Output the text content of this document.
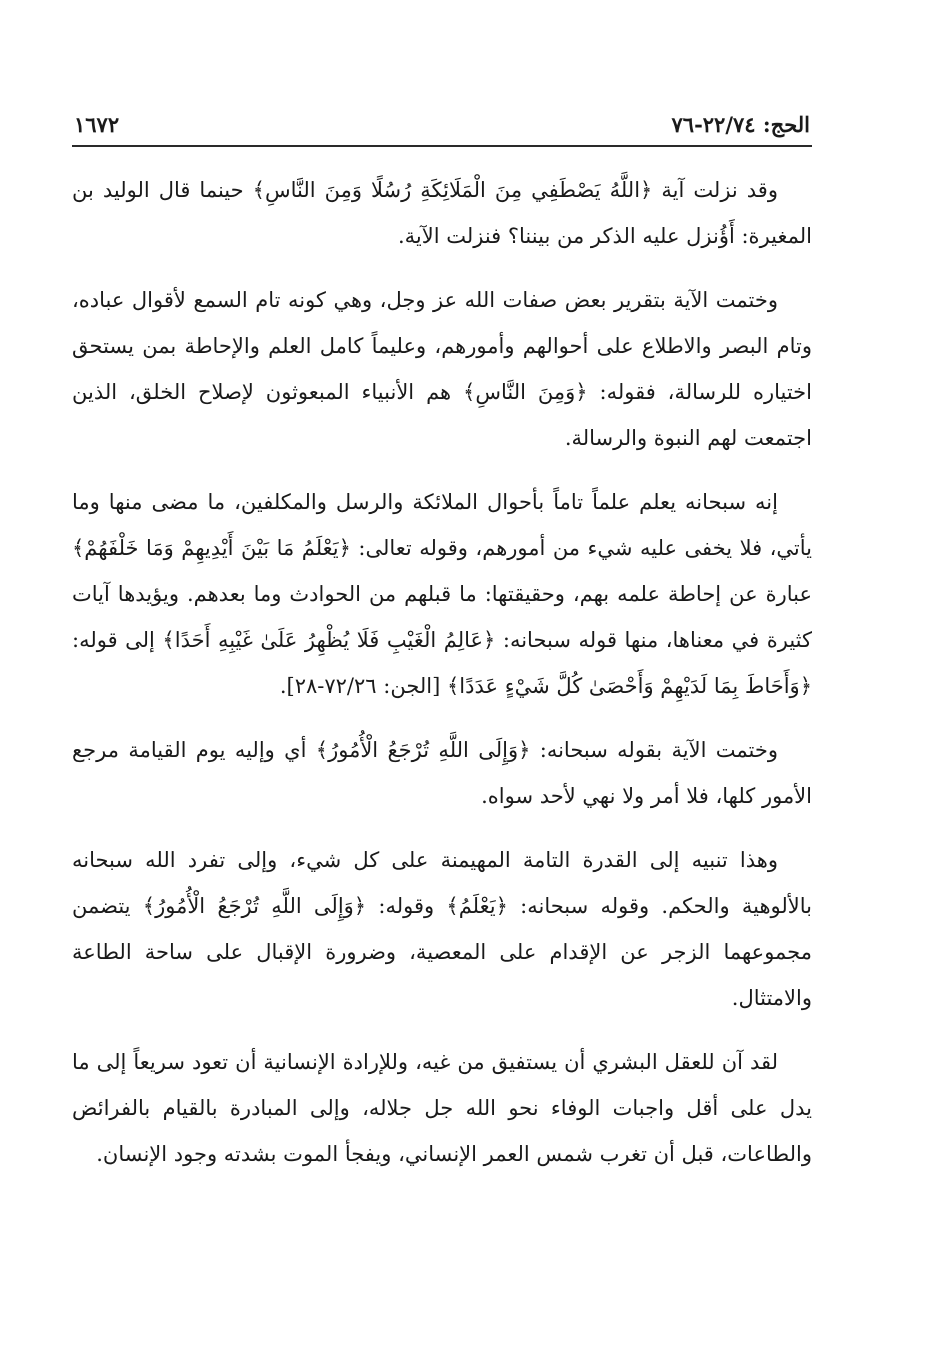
الحج: ٢٢/٧٤-٧٦
١٦٧٢

وقد نزلت آية ﴿اللَّهُ يَصْطَفِي مِنَ الْمَلَائِكَةِ رُسُلًا وَمِنَ النَّاسِ﴾ حينما قال الوليد بن المغيرة: أَؤُنزل عليه الذكر من بيننا؟ فنزلت الآية.

وختمت الآية بتقرير بعض صفات الله عز وجل، وهي كونه تام السمع لأقوال عباده، وتام البصر والاطلاع على أحوالهم وأمورهم، وعليماً كامل العلم والإحاطة بمن يستحق اختياره للرسالة، فقوله: ﴿وَمِنَ النَّاسِ﴾ هم الأنبياء المبعوثون لإصلاح الخلق، الذين اجتمعت لهم النبوة والرسالة.

إنه سبحانه يعلم علماً تاماً بأحوال الملائكة والرسل والمكلفين، ما مضى منها وما يأتي، فلا يخفى عليه شيء من أمورهم، وقوله تعالى: ﴿يَعْلَمُ مَا بَيْنَ أَيْدِيهِمْ وَمَا خَلْفَهُمْ﴾ عبارة عن إحاطة علمه بهم، وحقيقتها: ما قبلهم من الحوادث وما بعدهم. ويؤيدها آيات كثيرة في معناها، منها قوله سبحانه: ﴿عَالِمُ الْغَيْبِ فَلَا يُظْهِرُ عَلَىٰ غَيْبِهِ أَحَدًا﴾ إلى قوله: ﴿وَأَحَاطَ بِمَا لَدَيْهِمْ وَأَحْصَىٰ كُلَّ شَيْءٍ عَدَدًا﴾ [الجن: ٧٢/٢٦-٢٨].

وختمت الآية بقوله سبحانه: ﴿وَإِلَى اللَّهِ تُرْجَعُ الْأُمُورُ﴾ أي وإليه يوم القيامة مرجع الأمور كلها، فلا أمر ولا نهي لأحد سواه.

وهذا تنبيه إلى القدرة التامة المهيمنة على كل شيء، وإلى تفرد الله سبحانه بالألوهية والحكم. وقوله سبحانه: ﴿يَعْلَمُ﴾ وقوله: ﴿وَإِلَى اللَّهِ تُرْجَعُ الْأُمُورُ﴾ يتضمن مجموعهما الزجر عن الإقدام على المعصية، وضرورة الإقبال على ساحة الطاعة والامتثال.

لقد آن للعقل البشري أن يستفيق من غيه، وللإرادة الإنسانية أن تعود سريعاً إلى ما يدل على أقل واجبات الوفاء نحو الله جل جلاله، وإلى المبادرة بالقيام بالفرائض والطاعات، قبل أن تغرب شمس العمر الإنساني، ويفجأ الموت بشدته وجود الإنسان.
